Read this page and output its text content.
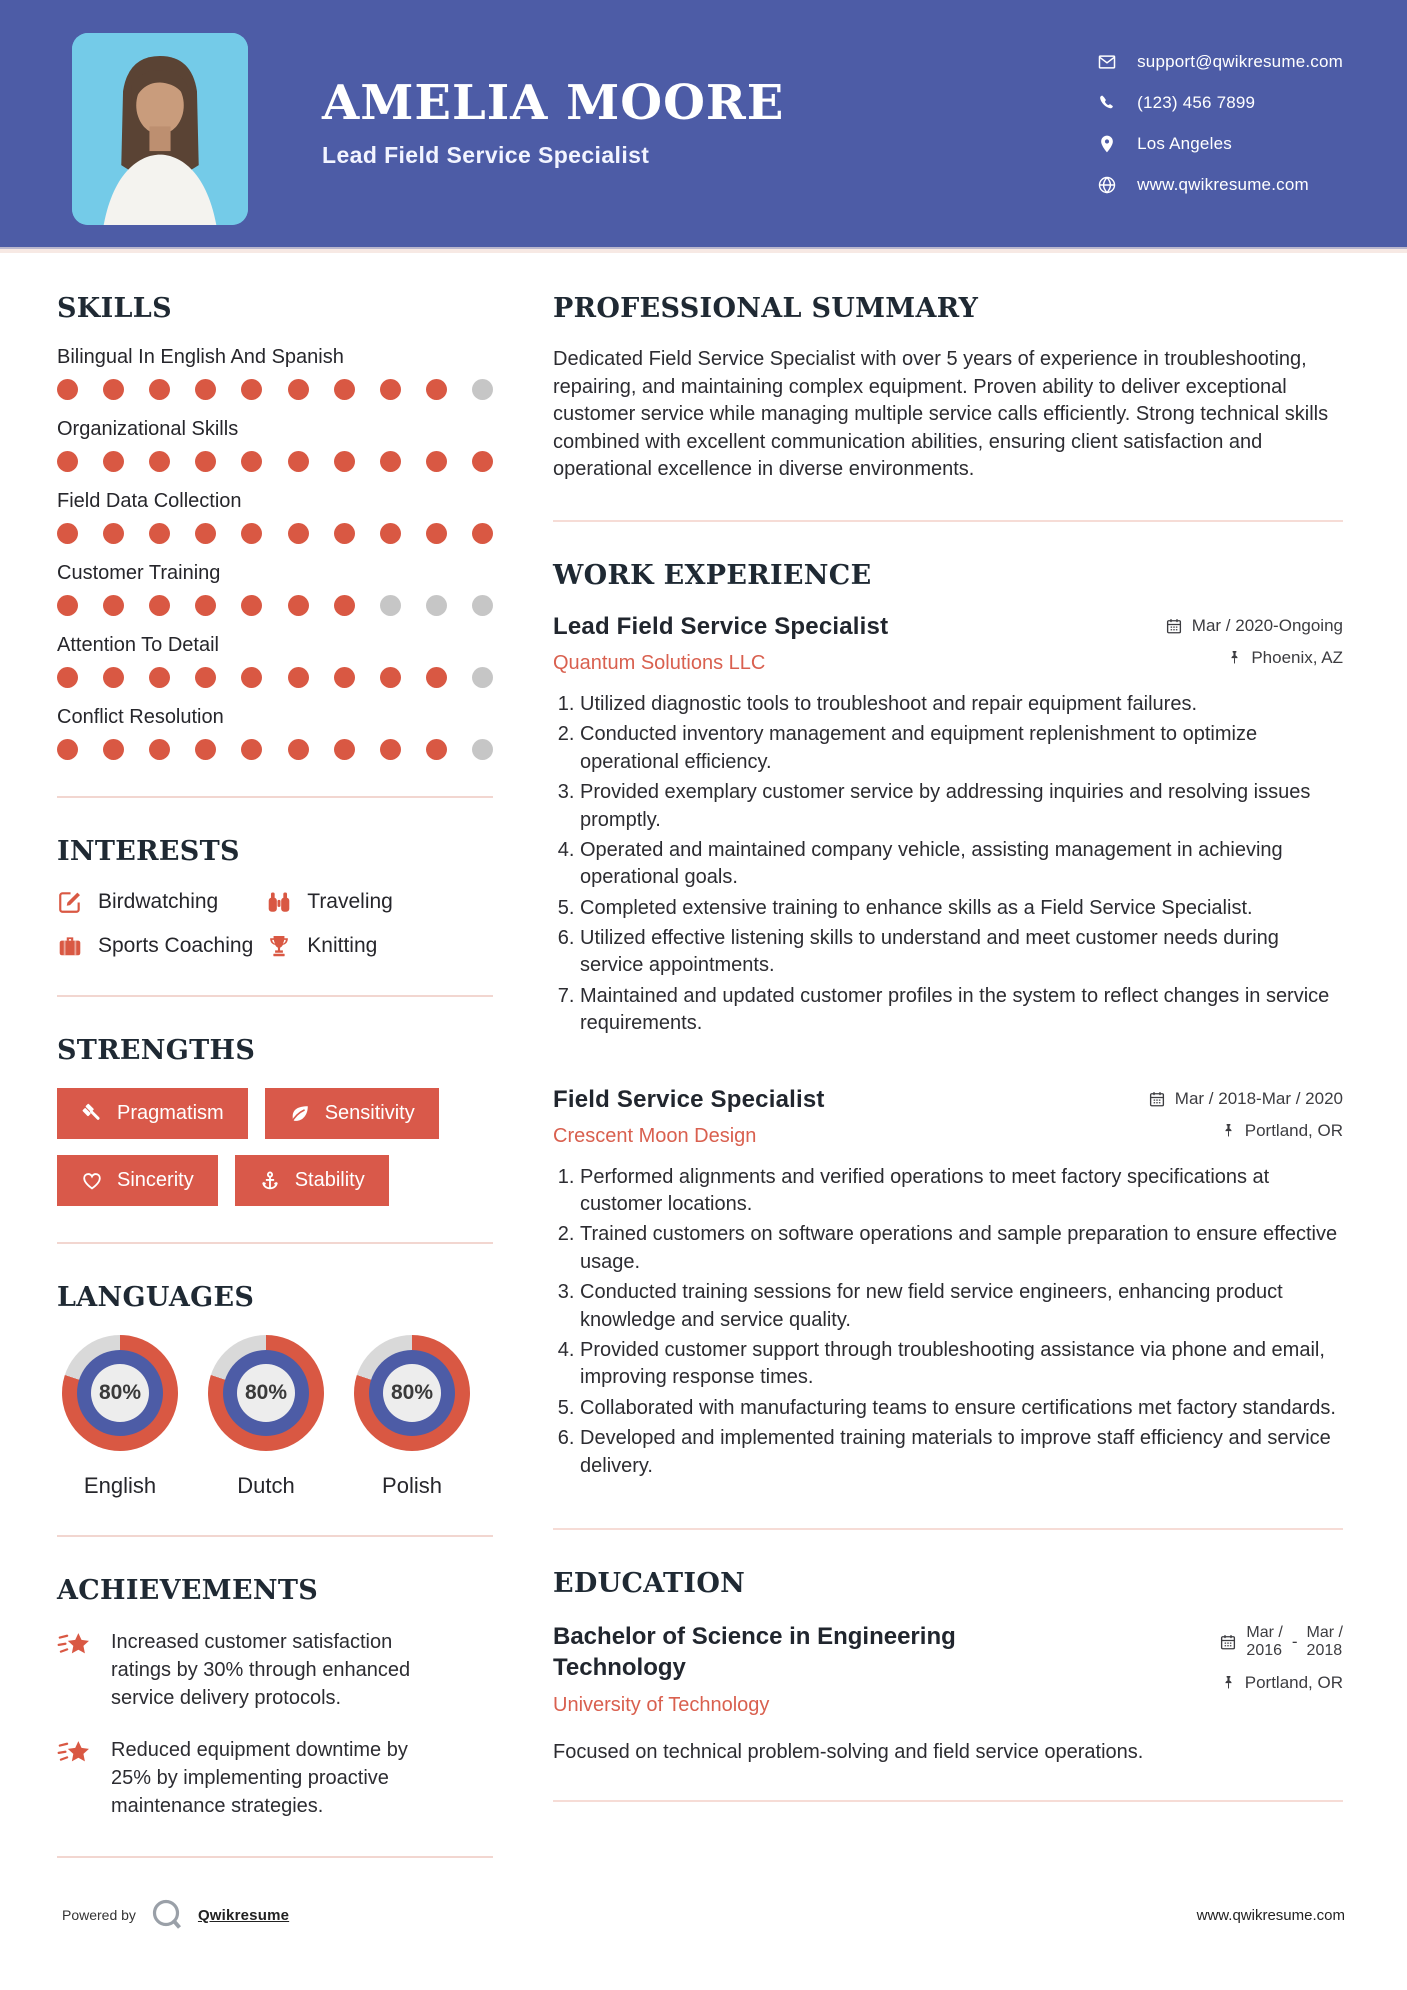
AMELIA MOORE
Lead Field Service Specialist
support@qwikresume.com
(123) 456 7899
Los Angeles
www.qwikresume.com
SKILLS
Bilingual In English And Spanish
Organizational Skills
Field Data Collection
Customer Training
Attention To Detail
Conflict Resolution
INTERESTS
Birdwatching	Traveling
Sports Coaching	Knitting
STRENGTHS
Pragmatism	Sensitivity
Sincerity	Stability
LANGUAGES
80%
English
80%
Dutch
80%
Polish
ACHIEVEMENTS

Increased customer satisfaction ratings by 30% through enhanced service delivery protocols.

Reduced equipment downtime by 25% by implementing proactive maintenance strategies.

PROFESSIONAL SUMMARY

Dedicated Field Service Specialist with over 5 years of experience in troubleshooting, repairing, and maintaining complex equipment. Proven ability to deliver exceptional customer service while managing multiple service calls efficiently. Strong technical skills combined with excellent communication abilities, ensuring client satisfaction and operational excellence in diverse environments.

WORK EXPERIENCE
Lead Field Service Specialist
Quantum Solutions LLC
Mar / 2020-Ongoing
Phoenix, AZ
1. Utilized diagnostic tools to troubleshoot and repair equipment failures.
2. Conducted inventory management and equipment replenishment to optimize operational efficiency.
3. Provided exemplary customer service by addressing inquiries and resolving issues promptly.
4. Operated and maintained company vehicle, assisting management in achieving operational goals.
5. Completed extensive training to enhance skills as a Field Service Specialist.
6. Utilized effective listening skills to understand and meet customer needs during service appointments.
7. Maintained and updated customer profiles in the system to reflect changes in service requirements.
Field Service Specialist
Crescent Moon Design
Mar / 2018-Mar / 2020
Portland, OR
1. Performed alignments and verified operations to meet factory specifications at customer locations.
2. Trained customers on software operations and sample preparation to ensure effective usage.
3. Conducted training sessions for new field service engineers, enhancing product knowledge and service quality.
4. Provided customer support through troubleshooting assistance via phone and email, improving response times.
5. Collaborated with manufacturing teams to ensure certifications met factory standards.
6. Developed and implemented training materials to improve staff efficiency and service delivery.
EDUCATION
Bachelor of Science in Engineering Technology
University of Technology
Mar /
2016 - Mar /
2018
Portland, OR

Focused on technical problem-solving and field service operations.

Powered by	Qwikresume	www.qwikresume.com
